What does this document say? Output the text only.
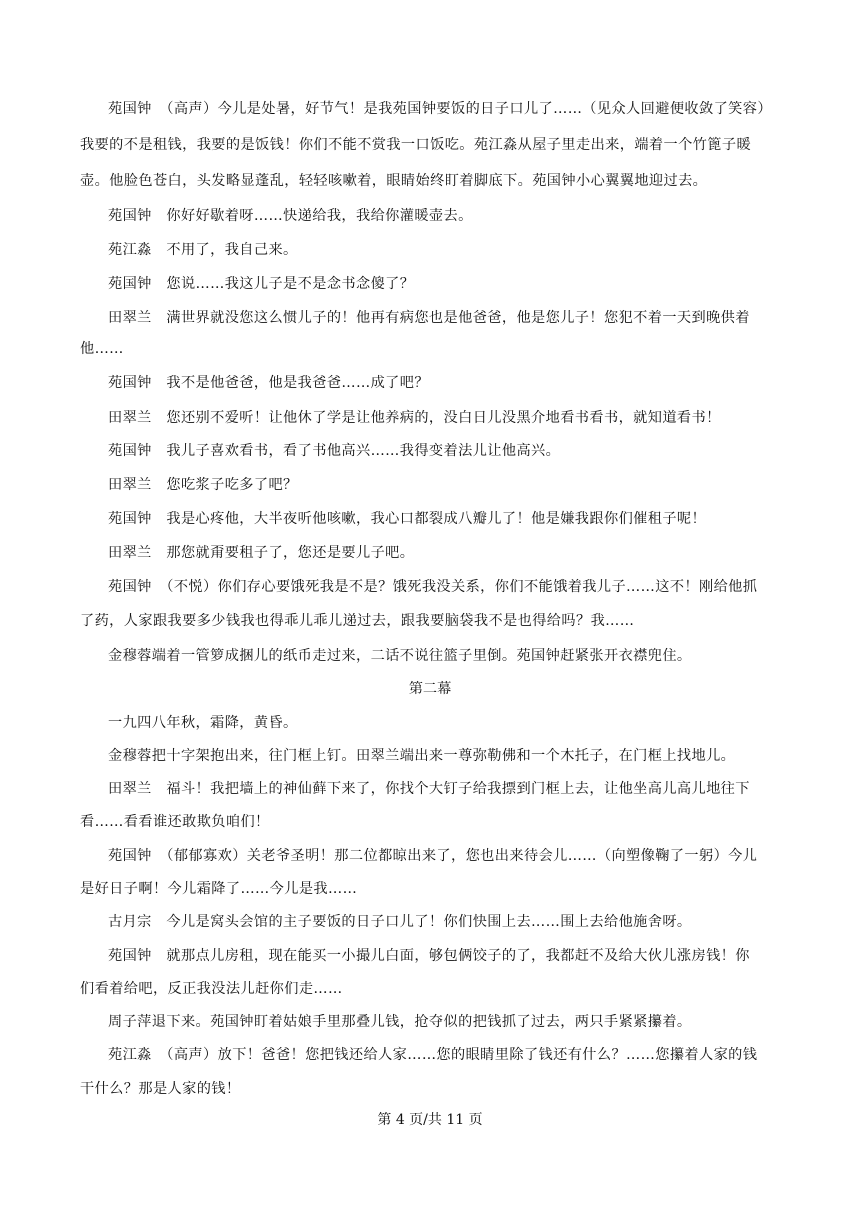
苑国钟　（高声）今儿是处暑，好节气！是我苑国钟要饭的日子口儿了……（见众人回避便收敛了笑容）
我要的不是租钱，我要的是饭钱！你们不能不赏我一口饭吃。苑江淼从屋子里走出来，端着一个竹篦子暖
壶。他脸色苍白，头发略显蓬乱，轻轻咳嗽着，眼睛始终盯着脚底下。苑国钟小心翼翼地迎过去。
苑国钟　你好好歇着呀……快递给我，我给你灌暖壶去。
苑江淼　不用了，我自己来。
苑国钟　您说……我这儿子是不是念书念傻了？
田翠兰　满世界就没您这么惯儿子的！他再有病您也是他爸爸，他是您儿子！您犯不着一天到晚供着
他……
苑国钟　我不是他爸爸，他是我爸爸……成了吧？
田翠兰　您还别不爱听！让他休了学是让他养病的，没白日儿没黑介地看书看书，就知道看书！
苑国钟　我儿子喜欢看书，看了书他高兴……我得变着法儿让他高兴。
田翠兰　您吃浆子吃多了吧？
苑国钟　我是心疼他，大半夜听他咳嗽，我心口都裂成八瓣儿了！他是嫌我跟你们催租子呢！
田翠兰　那您就甭要租子了，您还是要儿子吧。
苑国钟　（不悦）你们存心要饿死我是不是？饿死我没关系，你们不能饿着我儿子……这不！刚给他抓
了药，人家跟我要多少钱我也得乖儿乖儿递过去，跟我要脑袋我不是也得给吗？我……
金穆蓉端着一管箩成捆儿的纸币走过来，二话不说往篮子里倒。苑国钟赶紧张开衣襟兜住。
第二幕
一九四八年秋，霜降，黄昏。
金穆蓉把十字架抱出来，往门框上钉。田翠兰端出来一尊弥勒佛和一个木托子，在门框上找地儿。
田翠兰　福斗！我把墙上的神仙藓下来了，你找个大钉子给我摽到门框上去，让他坐高儿高儿地往下
看……看看谁还敢欺负咱们！
苑国钟　（郁郁寡欢）关老爷圣明！那二位都晾出来了，您也出来待会儿……（向塑像鞠了一躬）今儿
是好日子啊！今儿霜降了……今儿是我……
古月宗　今儿是窝头会馆的主子要饭的日子口儿了！你们快围上去……围上去给他施舍呀。
苑国钟　就那点儿房租，现在能买一小撮儿白面，够包俩饺子的了，我都赶不及给大伙儿涨房钱！你
们看着给吧，反正我没法儿赶你们走……
周子萍退下来。苑国钟盯着姑娘手里那叠儿钱，抢夺似的把钱抓了过去，两只手紧紧攥着。
苑江淼　（高声）放下！爸爸！您把钱还给人家……您的眼睛里除了钱还有什么？……您攥着人家的钱
干什么？那是人家的钱！
第 4 页/共 11 页
